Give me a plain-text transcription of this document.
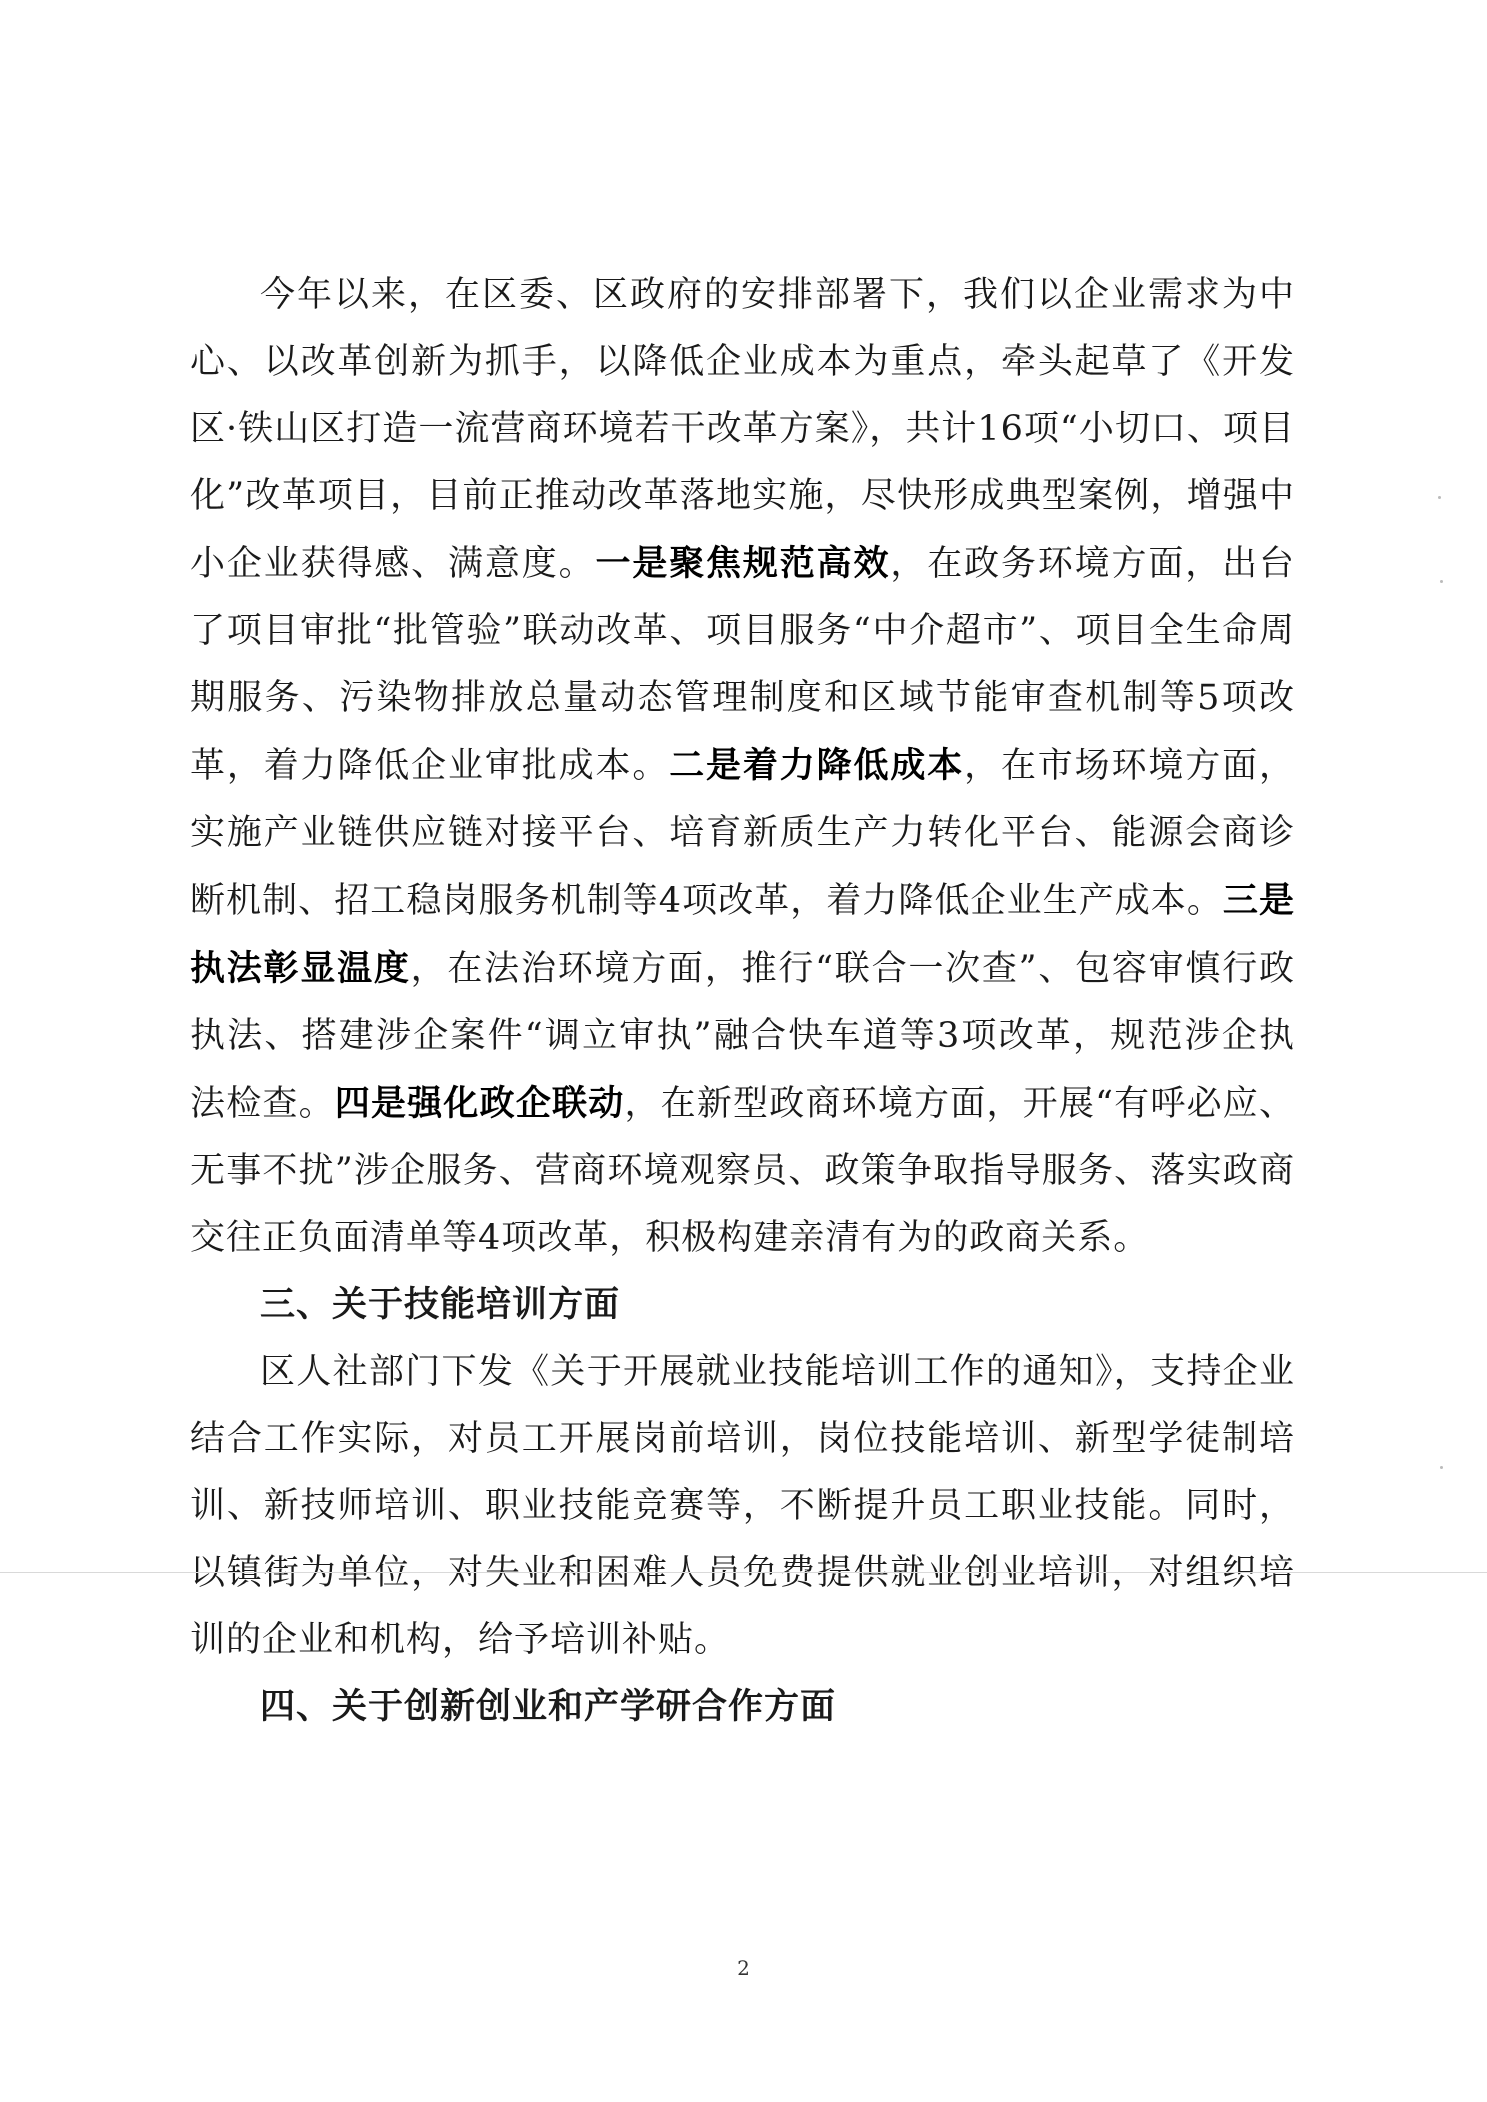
今年以来，在区委、区政府的安排部署下，我们以企业需求为中心、以改革创新为抓手，以降低企业成本为重点，牵头起草了《开发区·铁山区打造一流营商环境若干改革方案》，共计16项“小切口、项目化”改革项目，目前正推动改革落地实施，尽快形成典型案例，增强中小企业获得感、满意度。一是聚焦规范高效，在政务环境方面，出台了项目审批“批管验”联动改革、项目服务“中介超市”、项目全生命周期服务、污染物排放总量动态管理制度和区域节能审查机制等5项改革，着力降低企业审批成本。二是着力降低成本，在市场环境方面，实施产业链供应链对接平台、培育新质生产力转化平台、能源会商诊断机制、招工稳岗服务机制等4项改革，着力降低企业生产成本。三是执法彰显温度，在法治环境方面，推行“联合一次查”、包容审慎行政执法、搭建涉企案件“调立审执”融合快车道等3项改革，规范涉企执法检查。四是强化政企联动，在新型政商环境方面，开展“有呼必应、无事不扰”涉企服务、营商环境观察员、政策争取指导服务、落实政商交往正负面清单等4项改革，积极构建亲清有为的政商关系。

三、关于技能培训方面

区人社部门下发《关于开展就业技能培训工作的通知》，支持企业结合工作实际，对员工开展岗前培训，岗位技能培训、新型学徒制培训、新技师培训、职业技能竞赛等，不断提升员工职业技能。同时，以镇街为单位，对失业和困难人员免费提供就业创业培训，对组织培训的企业和机构，给予培训补贴。

四、关于创新创业和产学研合作方面

2
